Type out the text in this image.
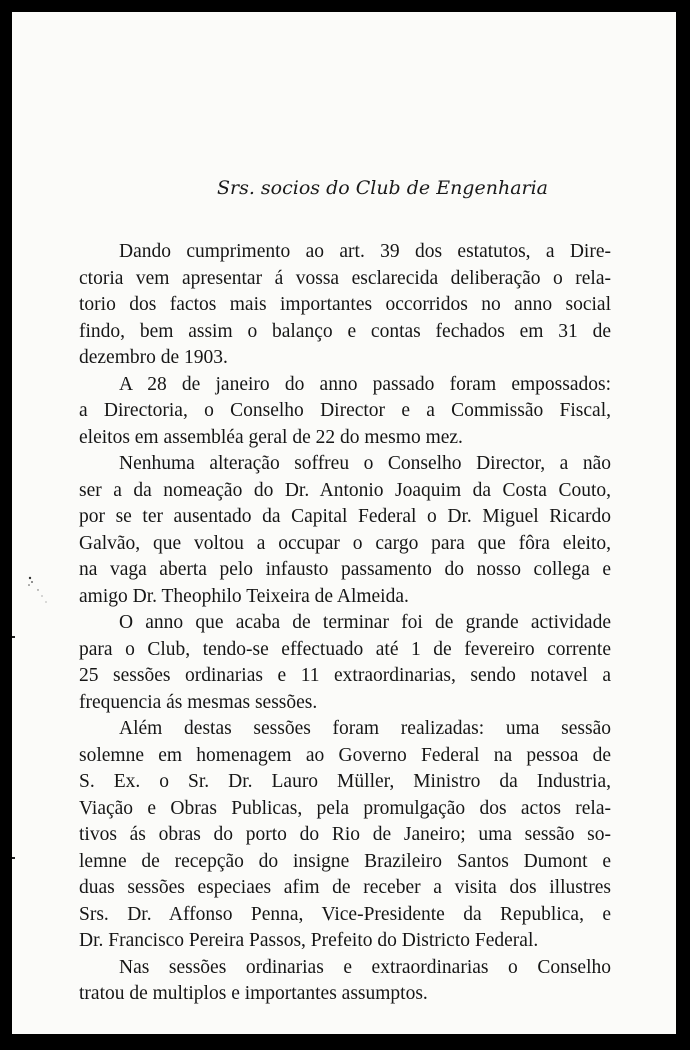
Srs. socios do Club de Engenharia
Dando cumprimento ao art. 39 dos estatutos, a Dire-
ctoria vem apresentar á vossa esclarecida deliberação o rela-
torio dos factos mais importantes occorridos no anno social
findo, bem assim o balanço e contas fechados em 31 de
dezembro de 1903.
A 28 de janeiro do anno passado foram empossados:
a Directoria, o Conselho Director e a Commissão Fiscal,
eleitos em assembléa geral de 22 do mesmo mez.
Nenhuma alteração soffreu o Conselho Director, a não
ser a da nomeação do Dr. Antonio Joaquim da Costa Couto,
por se ter ausentado da Capital Federal o Dr. Miguel Ricardo
Galvão, que voltou a occupar o cargo para que fôra eleito,
na vaga aberta pelo infausto passamento do nosso collega e
amigo Dr. Theophilo Teixeira de Almeida.
O anno que acaba de terminar foi de grande actividade
para o Club, tendo-se effectuado até 1 de fevereiro corrente
25 sessões ordinarias e 11 extraordinarias, sendo notavel a
frequencia ás mesmas sessões.
Além destas sessões foram realizadas: uma sessão
solemne em homenagem ao Governo Federal na pessoa de
S. Ex. o Sr. Dr. Lauro Müller, Ministro da Industria,
Viação e Obras Publicas, pela promulgação dos actos rela-
tivos ás obras do porto do Rio de Janeiro; uma sessão so-
lemne de recepção do insigne Brazileiro Santos Dumont e
duas sessões especiaes afim de receber a visita dos illustres
Srs. Dr. Affonso Penna, Vice-Presidente da Republica, e
Dr. Francisco Pereira Passos, Prefeito do Districto Federal.
Nas sessões ordinarias e extraordinarias o Conselho
tratou de multiplos e importantes assumptos.
